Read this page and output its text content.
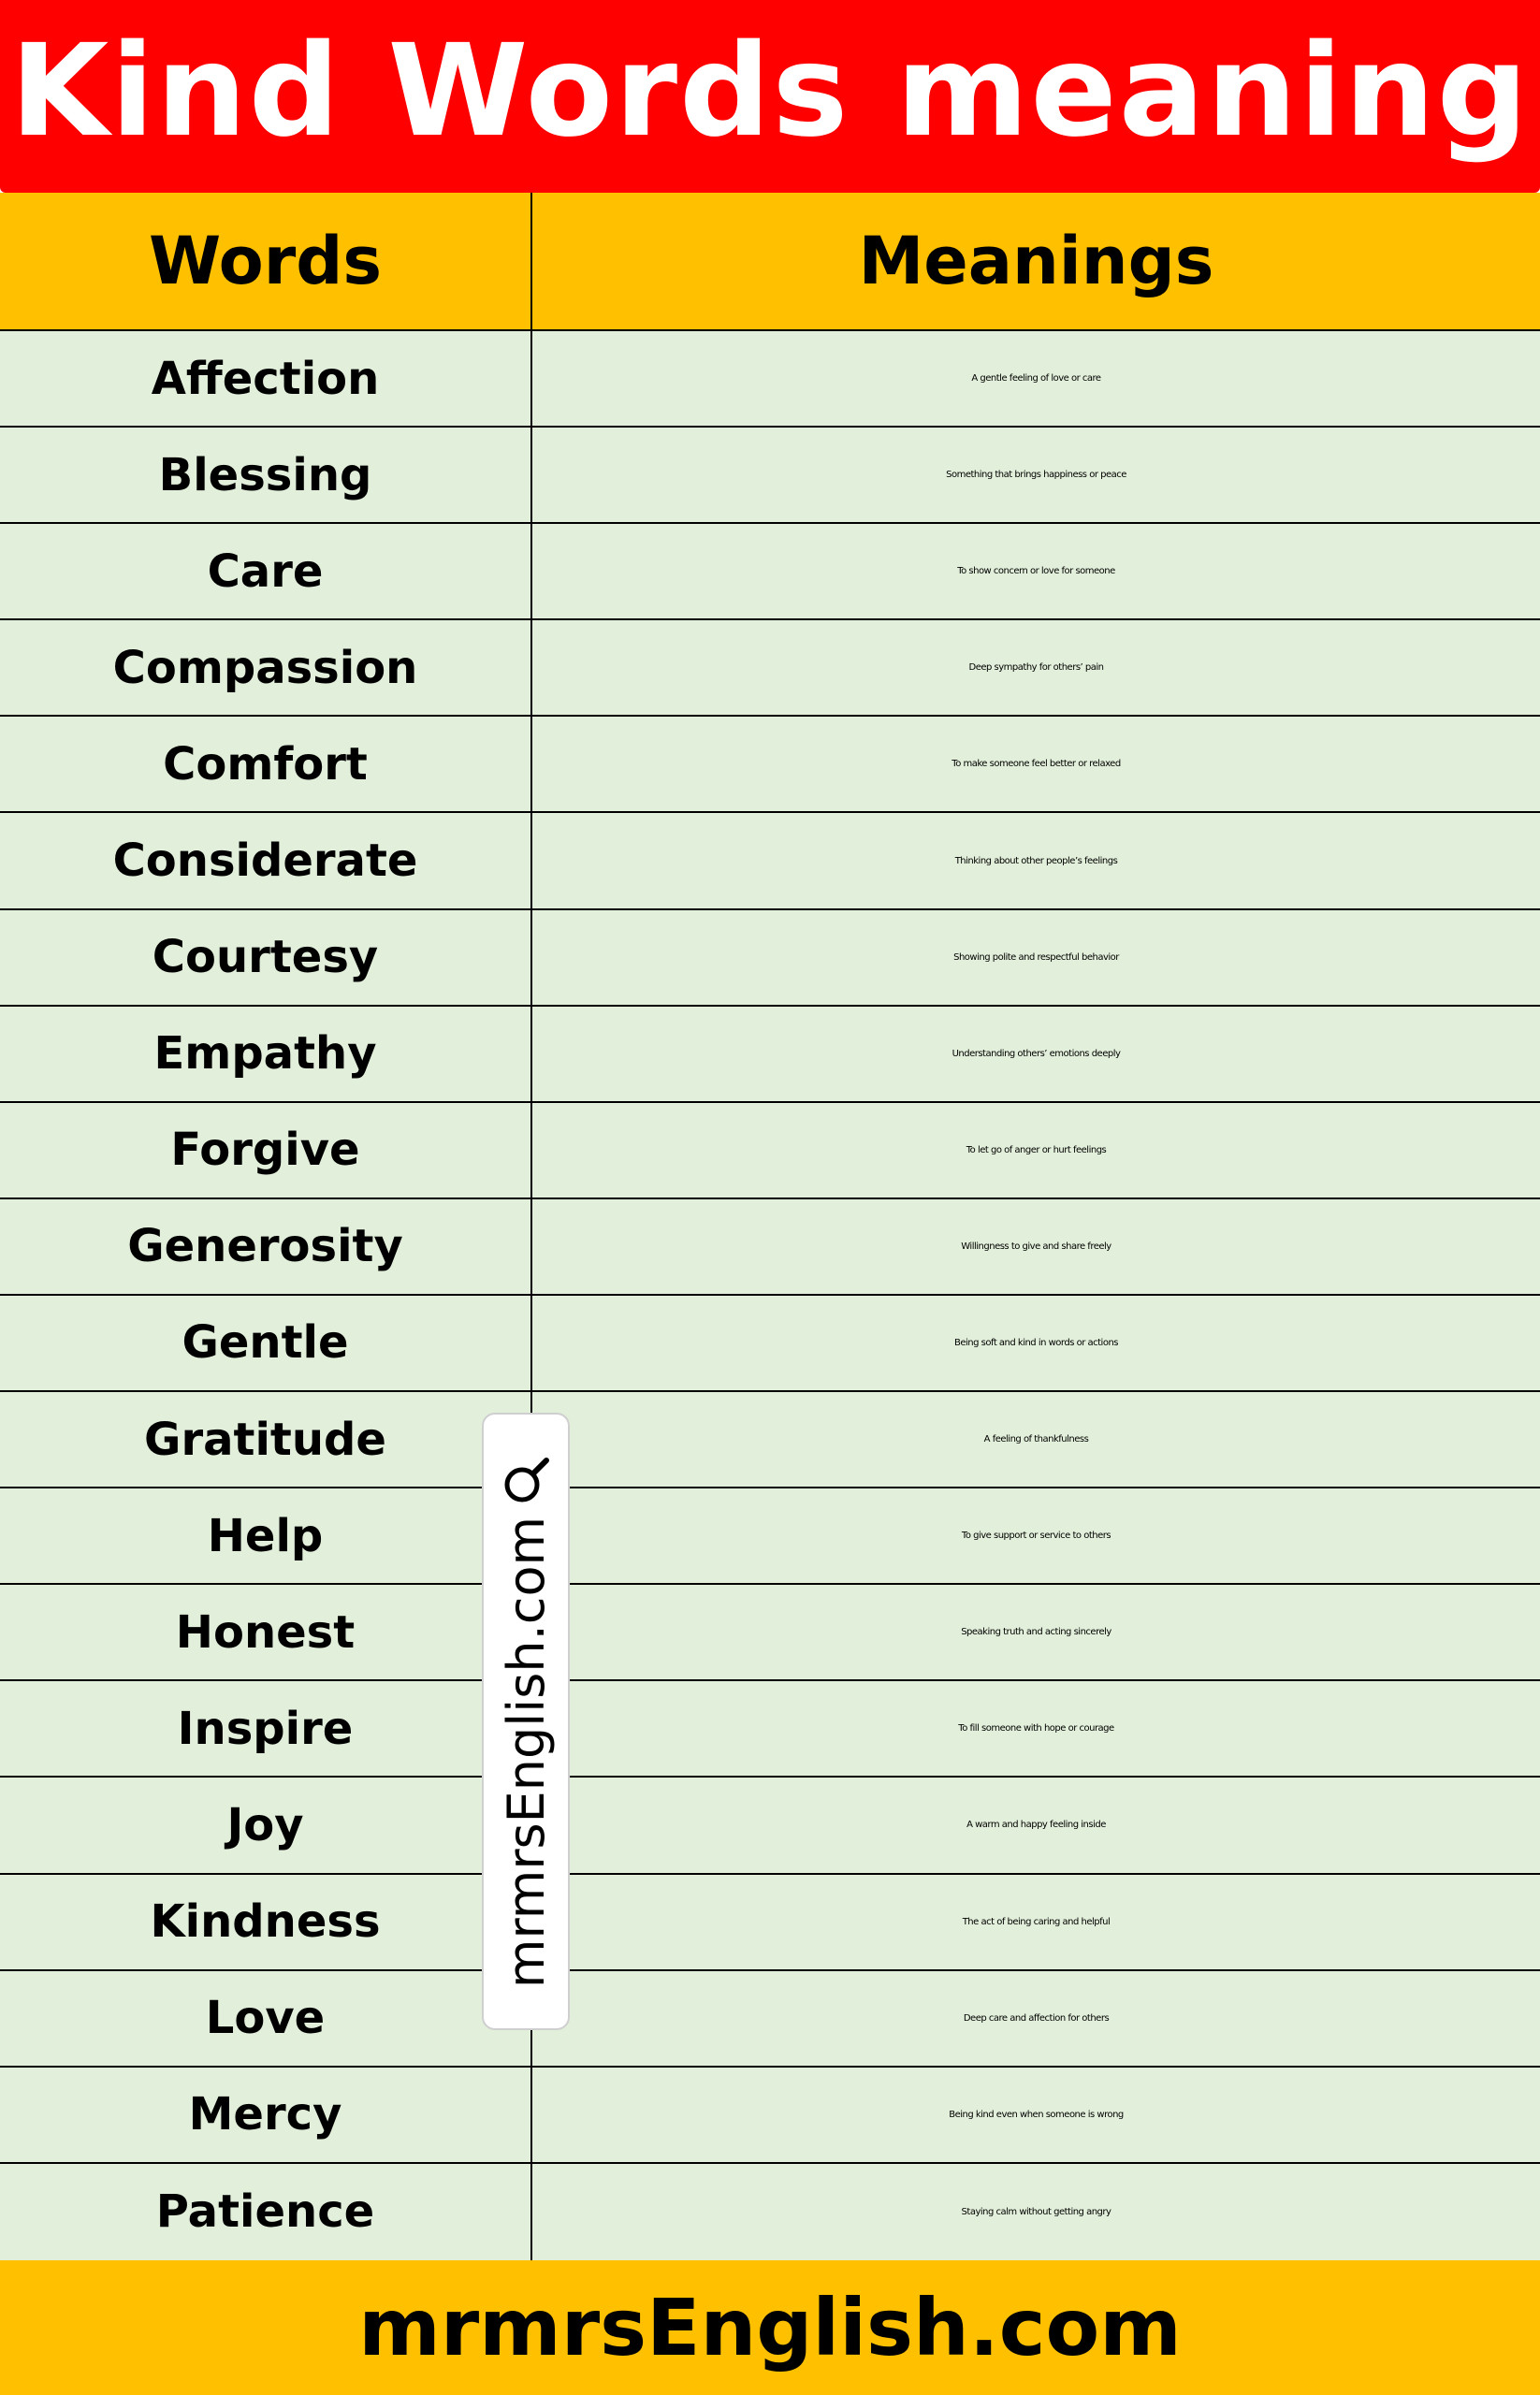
Kind Words meaning
Words	Meanings
Affection	A gentle feeling of love or care
Blessing	Something that brings happiness or peace
Care	To show concern or love for someone
Compassion	Deep sympathy for others’ pain
Comfort	To make someone feel better or relaxed
Considerate	Thinking about other people’s feelings
Courtesy	Showing polite and respectful behavior
Empathy	Understanding others’ emotions deeply
Forgive	To let go of anger or hurt feelings
Generosity	Willingness to give and share freely
Gentle	Being soft and kind in words or actions
Gratitude	A feeling of thankfulness
Help	To give support or service to others
Honest	Speaking truth and acting sincerely
Inspire	To fill someone with hope or courage
Joy	A warm and happy feeling inside
Kindness	The act of being caring and helpful
Love	Deep care and affection for others
Mercy	Being kind even when someone is wrong
Patience	Staying calm without getting angry
mrmrsEnglish.com
mrmrsEnglish.com
